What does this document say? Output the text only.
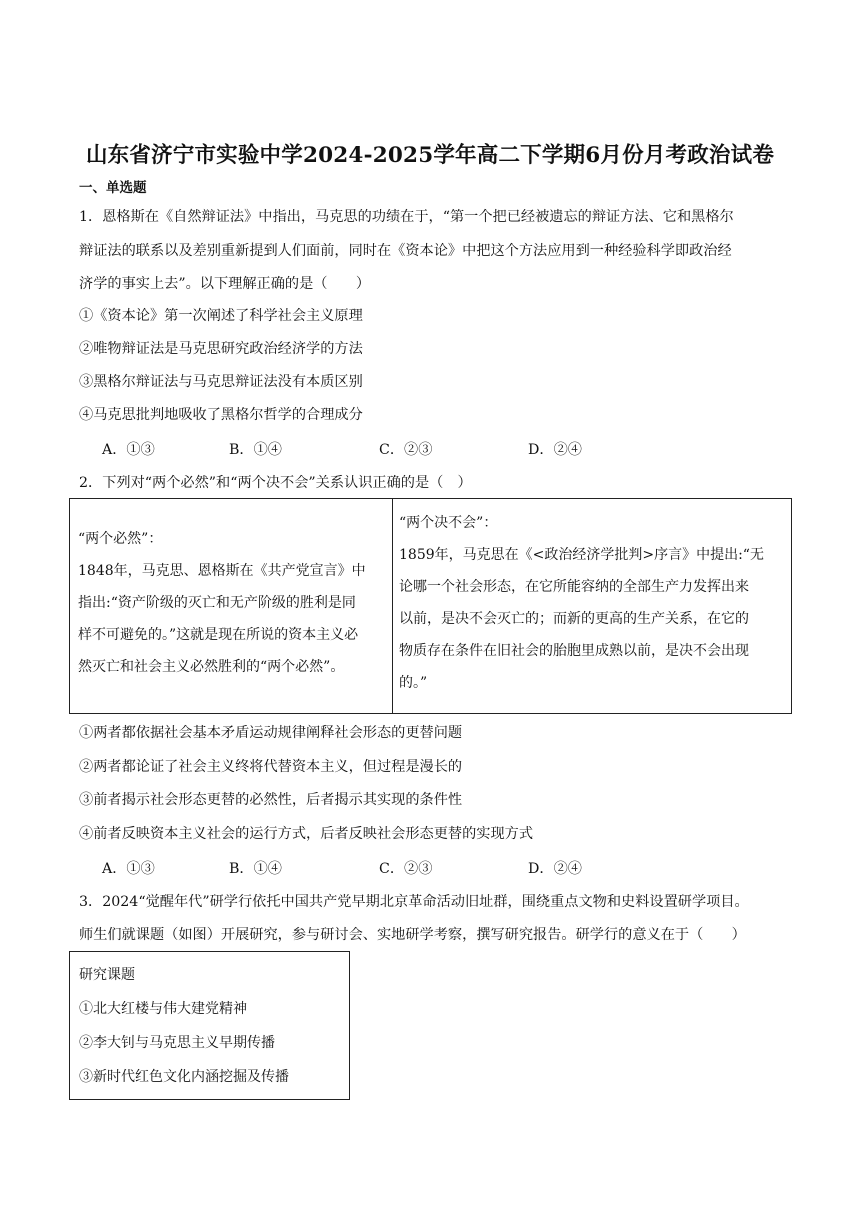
山东省济宁市实验中学2024-2025学年高二下学期6月份月考政治试卷
一、单选题
1．恩格斯在《自然辩证法》中指出，马克思的功绩在于，“第一个把已经被遗忘的辩证方法、它和黑格尔
辩证法的联系以及差别重新提到人们面前，同时在《资本论》中把这个方法应用到一种经验科学即政治经
济学的事实上去”。以下理解正确的是（　　）
①《资本论》第一次阐述了科学社会主义原理
②唯物辩证法是马克思研究政治经济学的方法
③黑格尔辩证法与马克思辩证法没有本质区别
④马克思批判地吸收了黑格尔哲学的合理成分
A．①③	B．①④	C．②③	D．②④
2．下列对“两个必然”和“两个决不会”关系认识正确的是（　）
“两个必然”：
1848年，马克思、恩格斯在《共产党宣言》中
指出:“资产阶级的灭亡和无产阶级的胜利是同
样不可避免的。”这就是现在所说的资本主义必
然灭亡和社会主义必然胜利的“两个必然”。
“两个决不会”：
1859年，马克思在《<政治经济学批判>序言》中提出:“无
论哪一个社会形态，在它所能容纳的全部生产力发挥出来
以前，是决不会灭亡的；而新的更高的生产关系，在它的
物质存在条件在旧社会的胎胞里成熟以前，是决不会出现
的。”
①两者都依据社会基本矛盾运动规律阐释社会形态的更替问题
②两者都论证了社会主义终将代替资本主义，但过程是漫长的
③前者揭示社会形态更替的必然性，后者揭示其实现的条件性
④前者反映资本主义社会的运行方式，后者反映社会形态更替的实现方式
A．①③	B．①④	C．②③	D．②④
3．2024“觉醒年代”研学行依托中国共产党早期北京革命活动旧址群，围绕重点文物和史料设置研学项目。
师生们就课题（如图）开展研究，参与研讨会、实地研学考察，撰写研究报告。研学行的意义在于（　　）
研究课题
①北大红楼与伟大建党精神
②李大钊与马克思主义早期传播
③新时代红色文化内涵挖掘及传播
